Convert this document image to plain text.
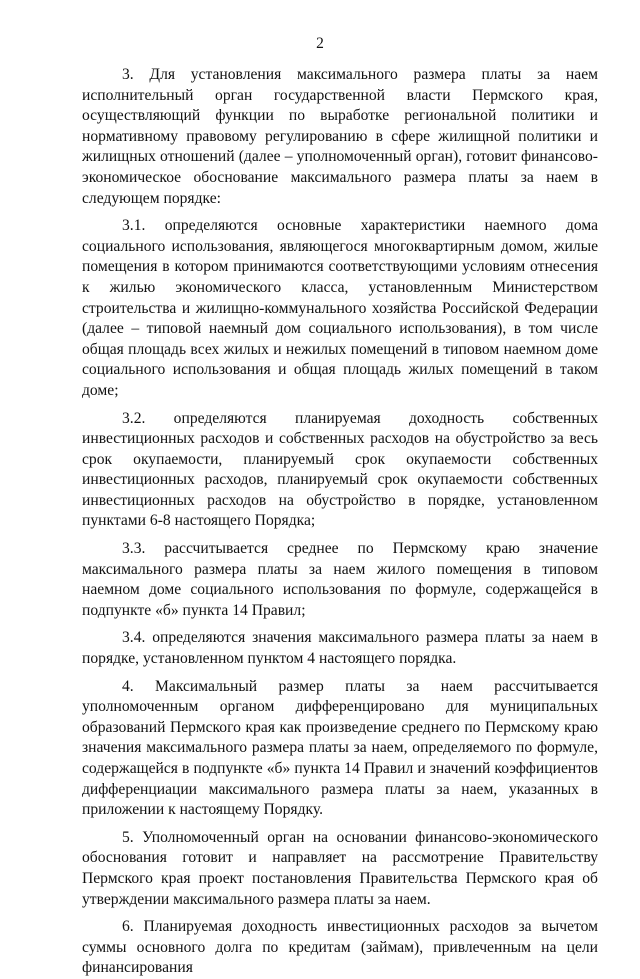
2

3. Для установления максимального размера платы за наем исполнительный орган государственной власти Пермского края, осуществляющий функции по выработке региональной политики и нормативному правовому регулированию в сфере жилищной политики и жилищных отношений (далее – уполномоченный орган), готовит финансово-экономическое обоснование максимального размера платы за наем в следующем порядке:

3.1. определяются основные характеристики наемного дома социального использования, являющегося многоквартирным домом, жилые помещения в котором принимаются соответствующими условиям отнесения к жилью экономического класса, установленным Министерством строительства и жилищно-коммунального хозяйства Российской Федерации (далее – типовой наемный дом социального использования), в том числе общая площадь всех жилых и нежилых помещений в типовом наемном доме социального использования и общая площадь жилых помещений в таком доме;

3.2. определяются планируемая доходность собственных инвестиционных расходов и собственных расходов на обустройство за весь срок окупаемости, планируемый срок окупаемости собственных инвестиционных расходов, планируемый срок окупаемости собственных инвестиционных расходов на обустройство в порядке, установленном пунктами 6-8 настоящего Порядка;

3.3. рассчитывается среднее по Пермскому краю значение максимального размера платы за наем жилого помещения в типовом наемном доме социального использования по формуле, содержащейся в подпункте «б» пункта 14 Правил;

3.4. определяются значения максимального размера платы за наем в порядке, установленном пунктом 4 настоящего порядка.

4. Максимальный размер платы за наем рассчитывается уполномоченным органом дифференцировано для муниципальных образований Пермского края как произведение среднего по Пермскому краю значения максимального размера платы за наем, определяемого по формуле, содержащейся в подпункте «б» пункта 14 Правил и значений коэффициентов дифференциации максимального размера платы за наем, указанных в приложении к настоящему Порядку.

5. Уполномоченный орган на основании финансово-экономического обоснования готовит и направляет на рассмотрение Правительству Пермского края проект постановления Правительства Пермского края об утверждении максимального размера платы за наем.

6. Планируемая доходность инвестиционных расходов за вычетом суммы основного долга по кредитам (займам), привлеченным на цели финансирования
